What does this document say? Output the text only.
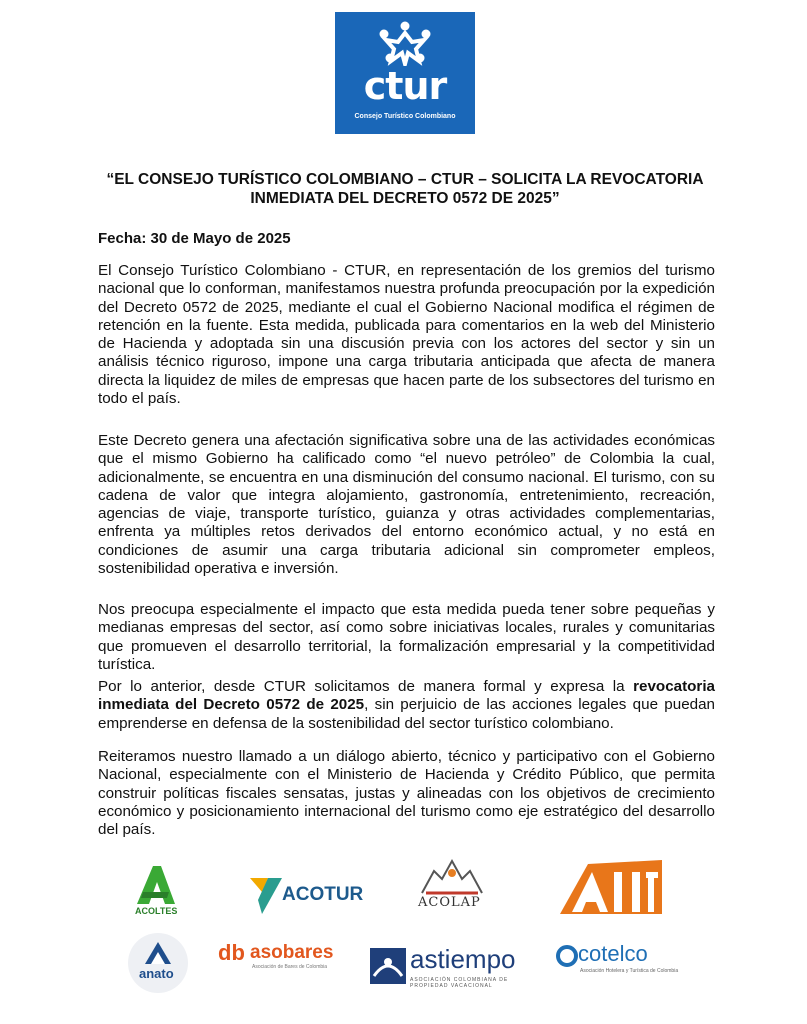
ctur
Consejo Turístico Colombiano
“EL CONSEJO TURÍSTICO COLOMBIANO – CTUR – SOLICITA LA REVOCATORIA
INMEDIATA DEL DECRETO 0572 DE 2025”
Fecha: 30 de Mayo de 2025

El Consejo Turístico Colombiano - CTUR, en representación de los gremios del turismo nacional que lo conforman, manifestamos nuestra profunda preocupación por la expedición del Decreto 0572 de 2025, mediante el cual el Gobierno Nacional modifica el régimen de retención en la fuente. Esta medida, publicada para comentarios en la web del Ministerio de Hacienda y adoptada sin una discusión previa con los actores del sector y sin un análisis técnico riguroso, impone una carga tributaria anticipada que afecta de manera directa la liquidez de miles de empresas que hacen parte de los subsectores del turismo en todo el país.

Este Decreto genera una afectación significativa sobre una de las actividades económicas que el mismo Gobierno ha calificado como “el nuevo petróleo” de Colombia la cual, adicionalmente, se encuentra en una disminución del consumo nacional. El turismo, con su cadena de valor que integra alojamiento, gastronomía, entretenimiento, recreación, agencias de viaje, transporte turístico, guianza y otras actividades complementarias, enfrenta ya múltiples retos derivados del entorno económico actual, y no está en condiciones de asumir una carga tributaria adicional sin comprometer empleos, sostenibilidad operativa e inversión.

Nos preocupa especialmente el impacto que esta medida pueda tener sobre pequeñas y medianas empresas del sector, así como sobre iniciativas locales, rurales y comunitarias que promueven el desarrollo territorial, la formalización empresarial y la competitividad turística.

Por lo anterior, desde CTUR solicitamos de manera formal y expresa la revocatoria inmediata del Decreto 0572 de 2025, sin perjuicio de las acciones legales que puedan emprenderse en defensa de la sostenibilidad del sector turístico colombiano.

Reiteramos nuestro llamado a un diálogo abierto, técnico y participativo con el Gobierno Nacional, especialmente con el Ministerio de Hacienda y Crédito Público, que permita construir políticas fiscales sensatas, justas y alineadas con los objetivos de crecimiento económico y posicionamiento internacional del turismo como eje estratégico del desarrollo del país.

ACOLTES
ACOTUR	ACOLAP
anato
db asobares
Asociación de Bares de Colombia	astiempo
ASOCIACIÓN COLOMBIANA DE PROPIEDAD VACACIONAL
cotelco
Asociación Hotelera y Turística de Colombia
